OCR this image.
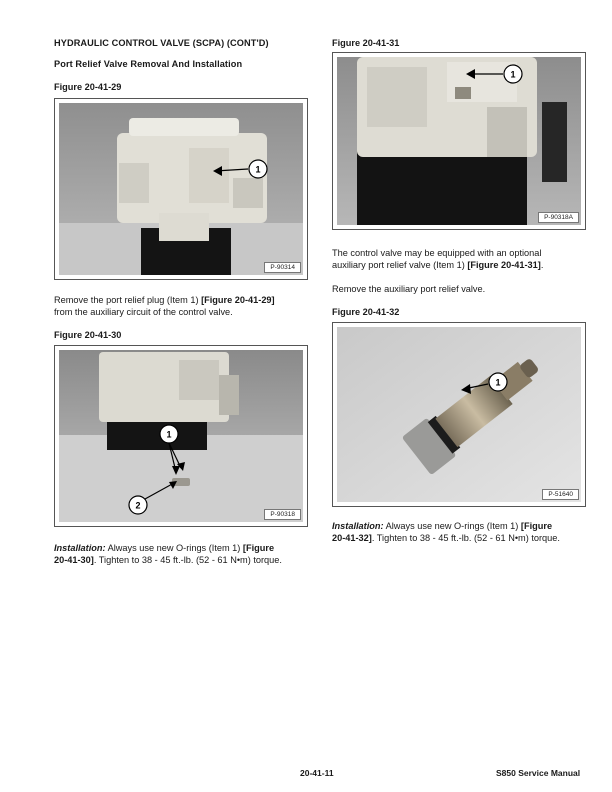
HYDRAULIC CONTROL VALVE (SCPA) (CONT'D)
Port Relief Valve Removal And Installation
Figure 20-41-29
1
P-90314
Remove the port relief plug (Item 1) [Figure 20-41-29]
from the auxiliary circuit of the control valve.
Figure 20-41-30
1
2
P-90318
Installation: Always use new O-rings (Item 1) [Figure
20-41-30]. Tighten to 38 - 45 ft.-lb. (52 - 61 N•m) torque.
Figure 20-41-31
1
P-90318A
The control valve may be equipped with an optional
auxiliary port relief valve (Item 1) [Figure 20-41-31].
Remove the auxiliary port relief valve.
Figure 20-41-32
1
P-51640
Installation: Always use new O-rings (Item 1) [Figure
20-41-32]. Tighten to 38 - 45 ft.-lb. (52 - 61 N•m) torque.
20-41-11	S850 Service Manual
